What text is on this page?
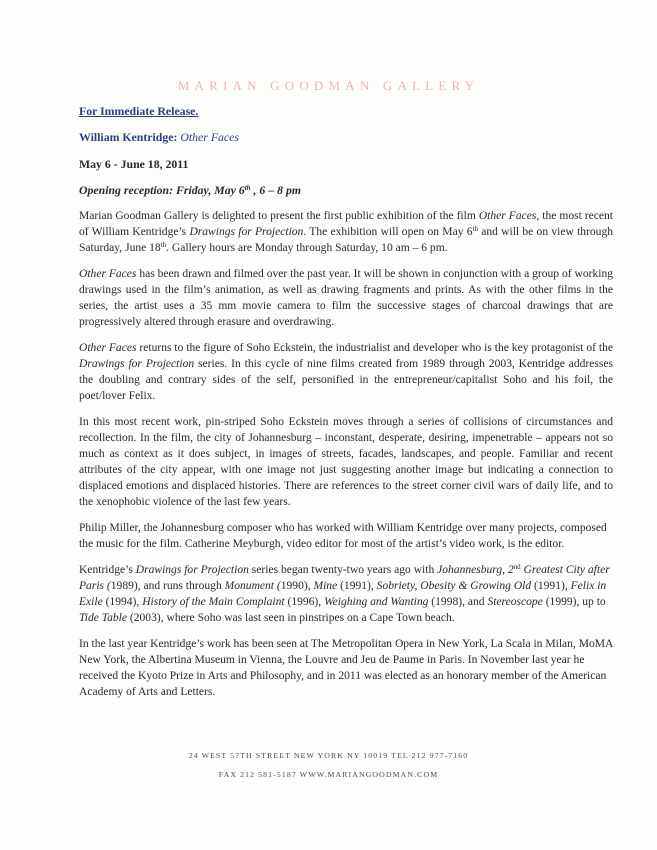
MARIAN GOODMAN GALLERY
For Immediate Release.
William Kentridge: Other Faces
May 6 - June 18, 2011
Opening reception: Friday, May 6th , 6 – 8 pm

Marian Goodman Gallery is delighted to present the first public exhibition of the film Other Faces, the most recent of William Kentridge’s Drawings for Projection. The exhibition will open on May 6th and will be on view through Saturday, June 18th. Gallery hours are Monday through Saturday, 10 am – 6 pm.

Other Faces has been drawn and filmed over the past year. It will be shown in conjunction with a group of working drawings used in the film’s animation, as well as drawing fragments and prints. As with the other films in the series, the artist uses a 35 mm movie camera to film the successive stages of charcoal drawings that are progressively altered through erasure and overdrawing.

Other Faces returns to the figure of Soho Eckstein, the industrialist and developer who is the key protagonist of the Drawings for Projection series. In this cycle of nine films created from 1989 through 2003, Kentridge addresses the doubling and contrary sides of the self, personified in the entrepreneur/capitalist Soho and his foil, the poet/lover Felix.

In this most recent work, pin-striped Soho Eckstein moves through a series of collisions of circumstances and recollection. In the film, the city of Johannesburg – inconstant, desperate, desiring, impenetrable – appears not so much as context as it does subject, in images of streets, facades, landscapes, and people. Familiar and recent attributes of the city appear, with one image not just suggesting another image but indicating a connection to displaced emotions and displaced histories. There are references to the street corner civil wars of daily life, and to the xenophobic violence of the last few years.

Philip Miller, the Johannesburg composer who has worked with William Kentridge over many projects, composed the music for the film. Catherine Meyburgh, video editor for most of the artist’s video work, is the editor.

Kentridge’s Drawings for Projection series began twenty-two years ago with Johannesburg, 2nd Greatest City after Paris (1989), and runs through Monument (1990), Mine (1991), Sobriety, Obesity & Growing Old (1991), Felix in Exile (1994), History of the Main Complaint (1996), Weighing and Wanting (1998), and Stereoscope (1999), up to Tide Table (2003), where Soho was last seen in pinstripes on a Cape Town beach.

In the last year Kentridge’s work has been seen at The Metropolitan Opera in New York, La Scala in Milan, MoMA New York, the Albertina Museum in Vienna, the Louvre and Jeu de Paume in Paris. In November last year he received the Kyoto Prize in Arts and Philosophy, and in 2011 was elected as an honorary member of the American Academy of Arts and Letters.

24 WEST 57TH STREET NEW YORK NY 10019 TEL 212 977-7160
FAX 212 581-5187 WWW.MARIANGOODMAN.COM
